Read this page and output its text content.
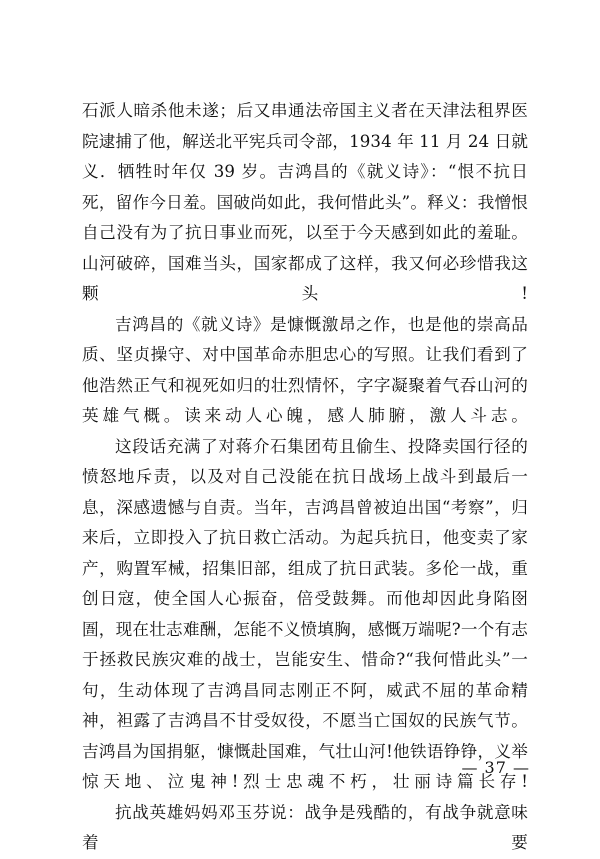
石派人暗杀他未遂；后又串通法帝国主义者在天津法租界医院逮捕了他，解送北平宪兵司令部，1934 年 11 月 24 日就义．牺牲时年仅 39 岁。吉鸿昌的《就义诗》：“恨不抗日死，留作今日羞。国破尚如此，我何惜此头”。释义：我憎恨自己没有为了抗日事业而死，以至于今天感到如此的羞耻。山河破碎，国难当头，国家都成了这样，我又何必珍惜我这颗头!

吉鸿昌的《就义诗》是慷慨激昂之作，也是他的崇高品质、坚贞操守、对中国革命赤胆忠心的写照。让我们看到了他浩然正气和视死如归的壮烈情怀，字字凝聚着气吞山河的英雄气概。读来动人心魄，感人肺腑，激人斗志。

这段话充满了对蒋介石集团苟且偷生、投降卖国行径的愤怒地斥责，以及对自己没能在抗日战场上战斗到最后一息，深感遗憾与自责。当年，吉鸿昌曾被迫出国“考察”，归来后，立即投入了抗日救亡活动。为起兵抗日，他变卖了家产，购置军械，招集旧部，组成了抗日武装。多伦一战，重创日寇，使全国人心振奋，倍受鼓舞。而他却因此身陷囹圄，现在壮志难酬，怎能不义愤填胸，感慨万端呢?一个有志于拯救民族灾难的战士，岂能安生、惜命?“我何惜此头”一句，生动体现了吉鸿昌同志刚正不阿，威武不屈的革命精神，袒露了吉鸿昌不甘受奴役，不愿当亡国奴的民族气节。吉鸿昌为国捐躯，慷慨赴国难，气壮山河!他铁语铮铮，义举惊天地、泣鬼神!烈士忠魂不朽，壮丽诗篇长存!

抗战英雄妈妈邓玉芬说：战争是残酷的，有战争就意味着要

— 37 —
